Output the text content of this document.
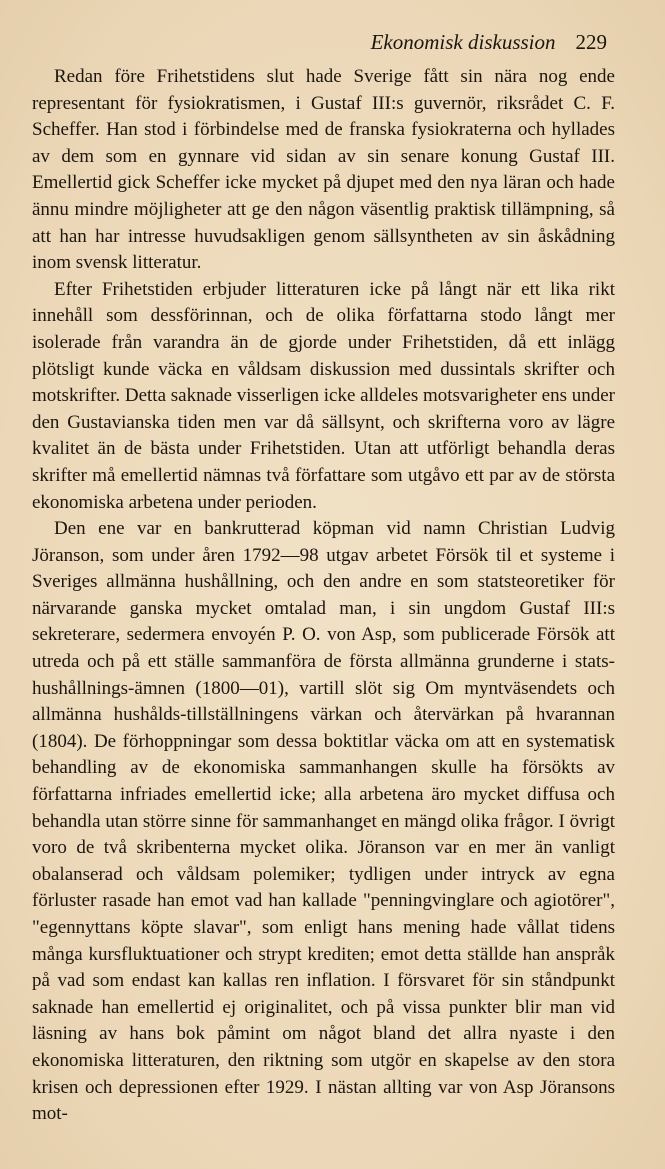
Ekonomisk diskussion 229

Redan före Frihetstidens slut hade Sverige fått sin nära nog ende representant för fysiokratismen, i Gustaf III:s guvernör, riksrådet C. F. Scheffer. Han stod i förbindelse med de franska fysiokraterna och hyllades av dem som en gynnare vid sidan av sin senare konung Gustaf III. Emellertid gick Scheffer icke mycket på djupet med den nya läran och hade ännu mindre möjligheter att ge den någon väsentlig praktisk tillämpning, så att han har intresse huvudsakligen genom sällsyntheten av sin åskådning inom svensk litteratur.

Efter Frihetstiden erbjuder litteraturen icke på långt när ett lika rikt innehåll som dessförinnan, och de olika författarna stodo långt mer isolerade från varandra än de gjorde under Frihetstiden, då ett inlägg plötsligt kunde väcka en våldsam diskussion med dussintals skrifter och motskrifter. Detta saknade visserligen icke alldeles motsvarigheter ens under den Gustavianska tiden men var då sällsynt, och skrifterna voro av lägre kvalitet än de bästa under Frihetstiden. Utan att utförligt behandla deras skrifter må emellertid nämnas två författare som utgåvo ett par av de största ekonomiska arbetena under perioden.

Den ene var en bankrutterad köpman vid namn Christian Ludvig Jöranson, som under åren 1792—98 utgav arbetet Försök til et systeme i Sveriges allmänna hushållning, och den andre en som statsteoretiker för närvarande ganska mycket omtalad man, i sin ungdom Gustaf III:s sekreterare, sedermera envoyén P. O. von Asp, som publicerade Försök att utreda och på ett ställe sammanföra de första allmänna grunderne i stats-hushållnings-ämnen (1800—01), vartill slöt sig Om myntväsendets och allmänna hushålds-tillställningens värkan och återvärkan på hvarannan (1804). De förhoppningar som dessa boktitlar väcka om att en systematisk behandling av de ekonomiska sammanhangen skulle ha försökts av författarna infriades emellertid icke; alla arbetena äro mycket diffusa och behandla utan större sinne för sammanhanget en mängd olika frågor. I övrigt voro de två skribenterna mycket olika. Jöranson var en mer än vanligt obalanserad och våldsam polemiker; tydligen under intryck av egna förluster rasade han emot vad han kallade "penningvinglare och agiotörer", "egennyttans köpte slavar", som enligt hans mening hade vållat tidens många kursfluktuationer och strypt krediten; emot detta ställde han anspråk på vad som endast kan kallas ren inflation. I försvaret för sin ståndpunkt saknade han emellertid ej originalitet, och på vissa punkter blir man vid läsning av hans bok påmint om något bland det allra nyaste i den ekonomiska litteraturen, den riktning som utgör en skapelse av den stora krisen och depressionen efter 1929. I nästan allting var von Asp Jöransons mot-
